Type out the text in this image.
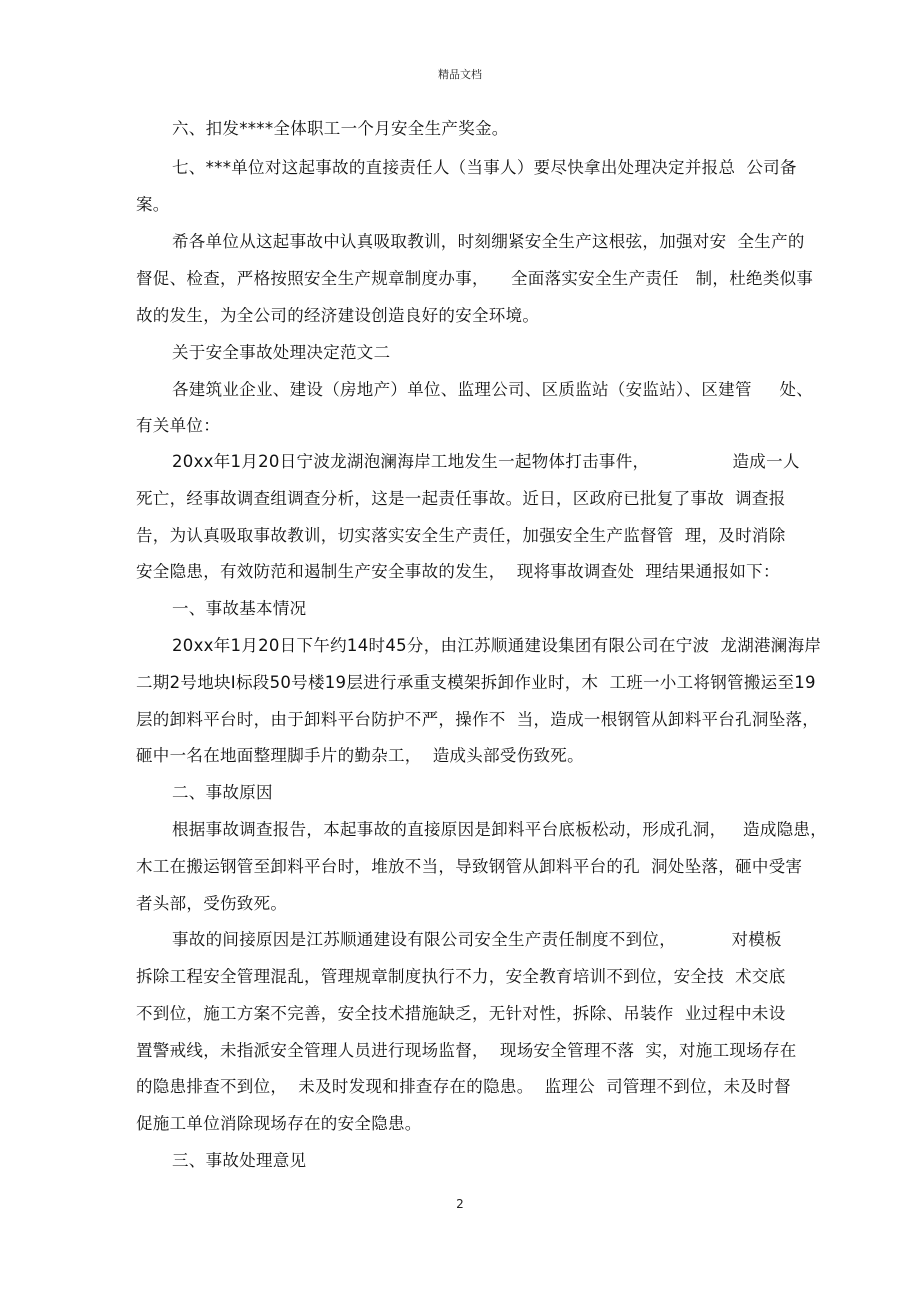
精品文档
六、扣发****全体职工一个月安全生产奖金。
七、***单位对这起事故的直接责任人（当事人）要尽快拿出处理决定并报总  公司备
案。
希各单位从这起事故中认真吸取教训，时刻绷紧安全生产这根弦，加强对安  全生产的
督促、检查，严格按照安全生产规章制度办事，    全面落实安全生产责任   制，杜绝类似事
故的发生，为全公司的经济建设创造良好的安全环境。
关于安全事故处理决定范文二
各建筑业企业、建设（房地产）单位、监理公司、区质监站（安监站）、区建管     处、
有关单位：
20xx年1月20日宁波龙湖泡澜海岸工地发生一起物体打击事件，               造成一人
死亡，经事故调查组调查分析，这是一起责任事故。近日，区政府已批复了事故  调查报
告，为认真吸取事故教训，切实落实安全生产责任，加强安全生产监督管  理，及时消除
安全隐患，有效防范和遏制生产安全事故的发生，  现将事故调查处  理结果通报如下：
一、事故基本情况
20xx年1月20日下午约14时45分，由江苏顺通建设集团有限公司在宁波  龙湖港澜海岸
二期2号地块I标段50号楼19层进行承重支模架拆卸作业时，木  工班一小工将钢管搬运至19
层的卸料平台时，由于卸料平台防护不严，操作不  当，造成一根钢管从卸料平台孔洞坠落，
砸中一名在地面整理脚手片的勤杂工，  造成头部受伤致死。
二、事故原因
根据事故调查报告，本起事故的直接原因是卸料平台底板松动，形成孔洞，   造成隐患，
木工在搬运钢管至卸料平台时，堆放不当，导致钢管从卸料平台的孔  洞处坠落，砸中受害
者头部，受伤致死。
事故的间接原因是江苏顺通建设有限公司安全生产责任制度不到位，          对模板
拆除工程安全管理混乱，管理规章制度执行不力，安全教育培训不到位，安全技  术交底
不到位，施工方案不完善，安全技术措施缺乏，无针对性，拆除、吊装作  业过程中未设
置警戒线，未指派安全管理人员进行现场监督，  现场安全管理不落  实，对施工现场存在
的隐患排查不到位，  未及时发现和排查存在的隐患。  监理公  司管理不到位，未及时督
促施工单位消除现场存在的安全隐患。
三、事故处理意见
2
